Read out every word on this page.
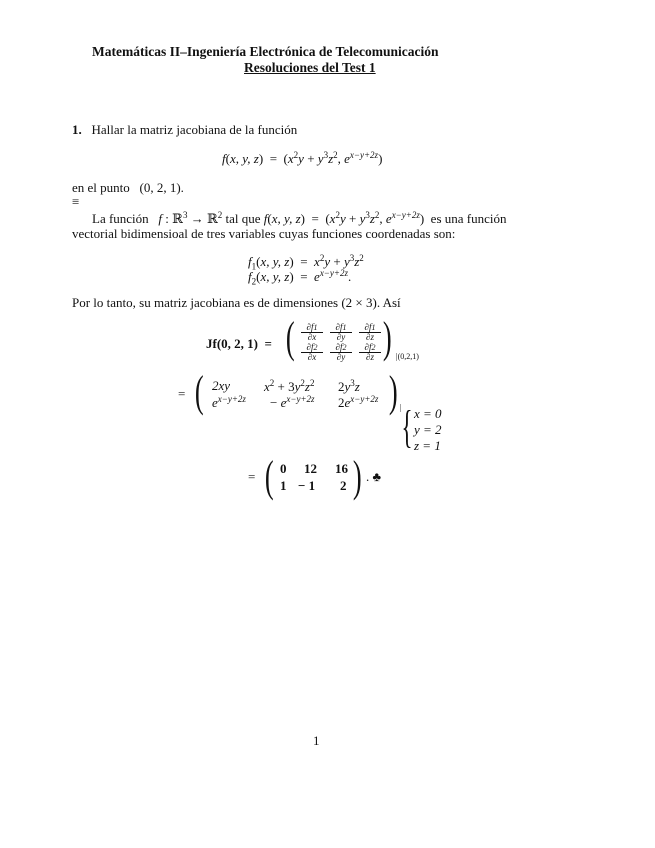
Matemáticas II–Ingeniería Electrónica de Telecomunicación
Resoluciones del Test 1
1. Hallar la matriz jacobiana de la función
f(x, y, $z) = (x^2y + y^3z^2$, $e^{x-y+2z}$)
en el punto (0, 2, 1).
≡
La función f : ℝ$^3$ → ℝ$^2$ tal que f(x, y, $z) = (x^2y + y^3z^2$, $e^{x-y+2z}$)  es una función
vectorial bidimensioal de tres variables cuyas funciones coordenadas son:
$f_1(x$, y, $z) = x^2y + y^3z^2$
$f_2(x$, y, $z) = e^{x-y+2z}$.
Por lo tanto, su matriz jacobiana es de dimensiones (2 × 3). Así
Jf(0, 2, 1)  = ( $\frac{\partial f1}{\partial x} \frac{\partial f1}{\partial y} \frac{\partial f1}{\partial z}$
$\frac{\partial f2}{\partial x} \frac{\partial f2}{\partial y} \frac{\partial f2}{\partial z}$ ) |(0,2,1)
= ( 2xy	$x^2 + 3y^2z^2$ $2y^3z$
$e^{x-y+2z} - e^{x-y+2z}$ $2e^{x-y+2z}$ ) | { x = 0
y = 2
z = 1
= ( 0 12 16
1 − 1 2 ) . ♣
1
